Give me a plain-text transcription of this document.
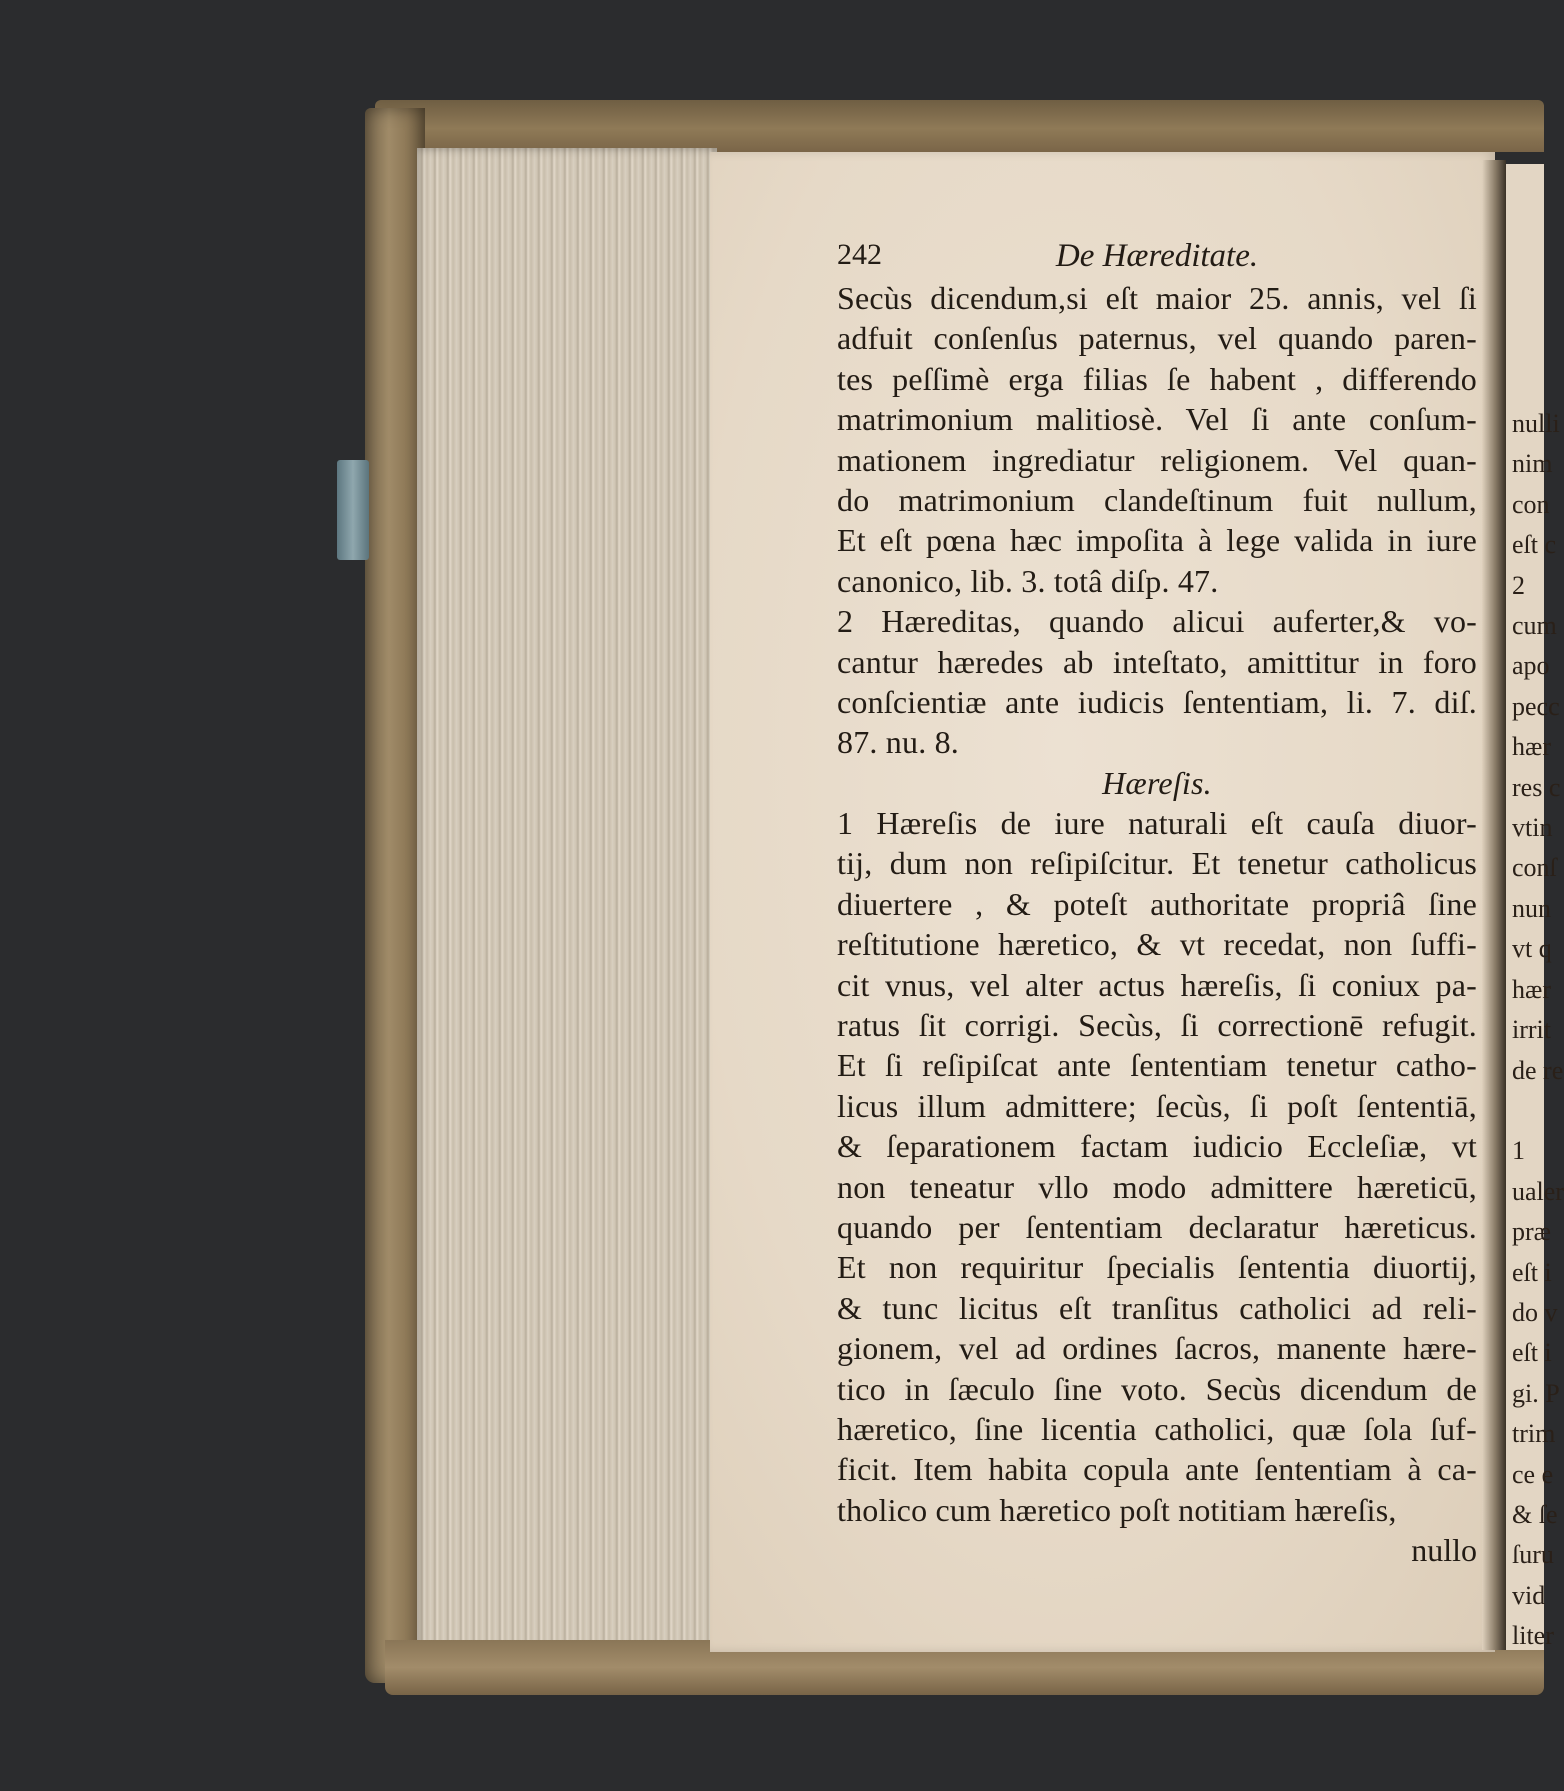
nulli
nim
con
eſt c
2
cum
apo
pecc
hær
res c
vtin
conſ
nun
vt q
hær
irrit
de re

1
ualer
præ
eſt i
do v
eſt i
gi. P
trim
ce e
& ſe
ſuru
vid
liter
242	De Hæreditate.
Secùs dicendum,si eſt maior 25. annis, vel ſi
adfuit conſenſus paternus, vel quando paren-
tes peſſimè erga filias ſe habent , differendo
matrimonium malitiosè. Vel ſi ante conſum-
mationem ingrediatur religionem. Vel quan-
do matrimonium clandeſtinum fuit nullum,
Et eſt pœna hæc impoſita à lege valida in iure
canonico, lib. 3. totâ diſp. 47.
2 Hæreditas, quando alicui auferter,& vo-
cantur hæredes ab inteſtato, amittitur in foro
conſcientiæ ante iudicis ſententiam, li. 7. diſ.
87. nu. 8.
Hæreſis.
1 Hæreſis de iure naturali eſt cauſa diuor-
tij, dum non reſipiſcitur. Et tenetur catholicus
diuertere , & poteſt authoritate propriâ ſine
reſtitutione hæretico, & vt recedat, non ſuffi-
cit vnus, vel alter actus hæreſis, ſi coniux pa-
ratus ſit corrigi. Secùs, ſi correctionē refugit.
Et ſi reſipiſcat ante ſententiam tenetur catho-
licus illum admittere; ſecùs, ſi poſt ſententiā,
& ſeparationem factam iudicio Eccleſiæ, vt
non teneatur vllo modo admittere hæreticū,
quando per ſententiam declaratur hæreticus.
Et non requiritur ſpecialis ſententia diuortij,
& tunc licitus eſt tranſitus catholici ad reli-
gionem, vel ad ordines ſacros, manente hære-
tico in ſæculo ſine voto. Secùs dicendum de
hæretico, ſine licentia catholici, quæ ſola ſuf-
ficit. Item habita copula ante ſententiam à ca-
tholico cum hæretico poſt notitiam hæreſis,
nullo
